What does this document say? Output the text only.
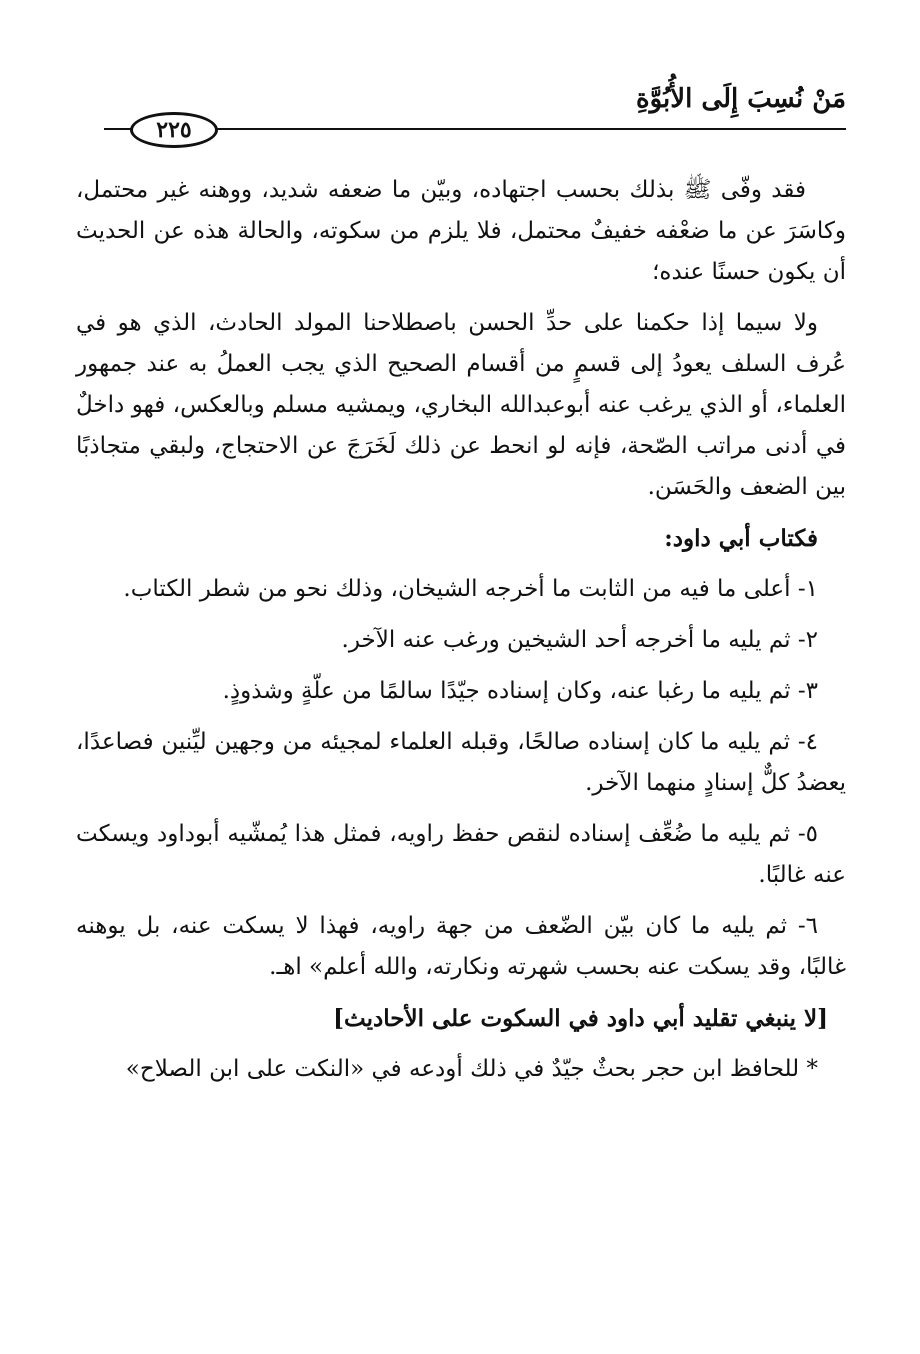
مَنْ نُسِبَ إِلَى الأُبُوَّةِ
٢٢٥

فقد وفّى ﷺ بذلك بحسب اجتهاده، وبيّن ما ضعفه شديد، ووهنه غير محتمل، وكاسَرَ عن ما ضعْفه خفيفٌ محتمل، فلا يلزم من سكوته، والحالة هذه عن الحديث أن يكون حسنًا عنده؛

ولا سيما إذا حكمنا على حدِّ الحسن باصطلاحنا المولد الحادث، الذي هو في عُرف السلف يعودُ إلى قسمٍ من أقسام الصحيح الذي يجب العملُ به عند جمهور العلماء، أو الذي يرغب عنه أبوعبدالله البخاري، ويمشيه مسلم وبالعكس، فهو داخلٌ في أدنى مراتب الصّحة، فإنه لو انحط عن ذلك لَخَرَجَ عن الاحتجاج، ولبقي متجاذبًا بين الضعف والحَسَن.

فكتاب أبي داود:

١- أعلى ما فيه من الثابت ما أخرجه الشيخان، وذلك نحو من شطر الكتاب.

٢- ثم يليه ما أخرجه أحد الشيخين ورغب عنه الآخر.

٣- ثم يليه ما رغبا عنه، وكان إسناده جيّدًا سالمًا من علّةٍ وشذوذٍ.

٤- ثم يليه ما كان إسناده صالحًا، وقبله العلماء لمجيئه من وجهين ليِّنين فصاعدًا، يعضدُ كلٌّ إسنادٍ منهما الآخر.

٥- ثم يليه ما ضُعِّف إسناده لنقص حفظ راويه، فمثل هذا يُمشّيه أبوداود ويسكت عنه غالبًا.

٦- ثم يليه ما كان بيّن الضّعف من جهة راويه، فهذا لا يسكت عنه، بل يوهنه غالبًا، وقد يسكت عنه بحسب شهرته ونكارته، والله أعلم» اهـ.

[لا ينبغي تقليد أبي داود في السكوت على الأحاديث]

* للحافظ ابن حجر بحثٌ جيّدٌ في ذلك أودعه في «النكت على ابن الصلاح»
